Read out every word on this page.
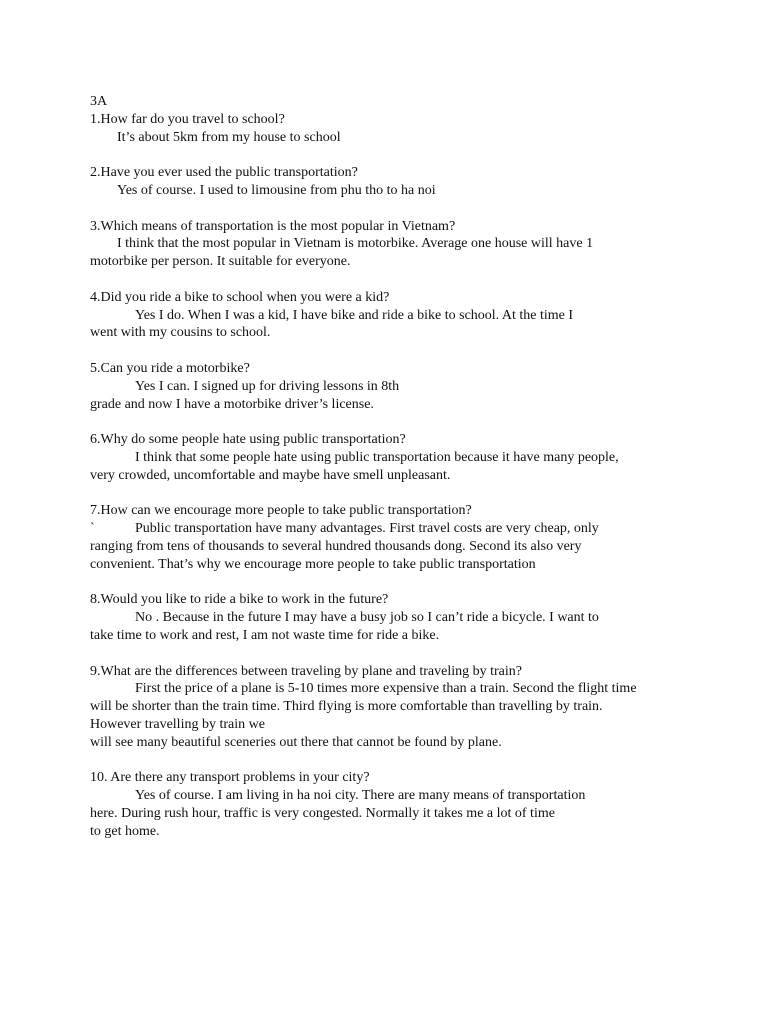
3A
1.How far do you travel to school?
It’s about 5km from my house to school
2.Have you ever used the public transportation?
Yes of course. I used to limousine from phu tho to ha noi
3.Which means of transportation is the most popular in Vietnam?
I think that the most popular in Vietnam is motorbike. Average one house will have 1
motorbike per person. It suitable for everyone.
4.Did you ride a bike to school when you were a kid?
Yes I do. When I was a kid, I have bike and ride a bike to school. At the time I
went with my cousins to school.
5.Can you ride a motorbike?
Yes I can. I signed up for driving lessons in 8th
grade and now I have a motorbike driver’s license.
6.Why do some people hate using public transportation?
I think that some people hate using public transportation because it have many people,
very crowded, uncomfortable and maybe have smell unpleasant.
7.How can we encourage more people to take public transportation?
`	Public transportation have many advantages. First travel costs are very cheap, only
ranging from tens of thousands to several hundred thousands dong. Second its also very
convenient. That’s why we encourage more people to take public transportation
8.Would you like to ride a bike to work in the future?
No . Because in the future I may have a busy job so I can’t ride a bicycle. I want to
take time to work and rest, I am not waste time for ride a bike.
9.What are the differences between traveling by plane and traveling by train?
First the price of a plane is 5-10 times more expensive than a train. Second the flight time
will be shorter than the train time. Third flying is more comfortable than travelling by train.
However travelling by train we
will see many beautiful sceneries out there that cannot be found by plane.
10. Are there any transport problems in your city?
Yes of course. I am living in ha noi city. There are many means of transportation
here. During rush hour, traffic is very congested. Normally it takes me a lot of time
to get home.
